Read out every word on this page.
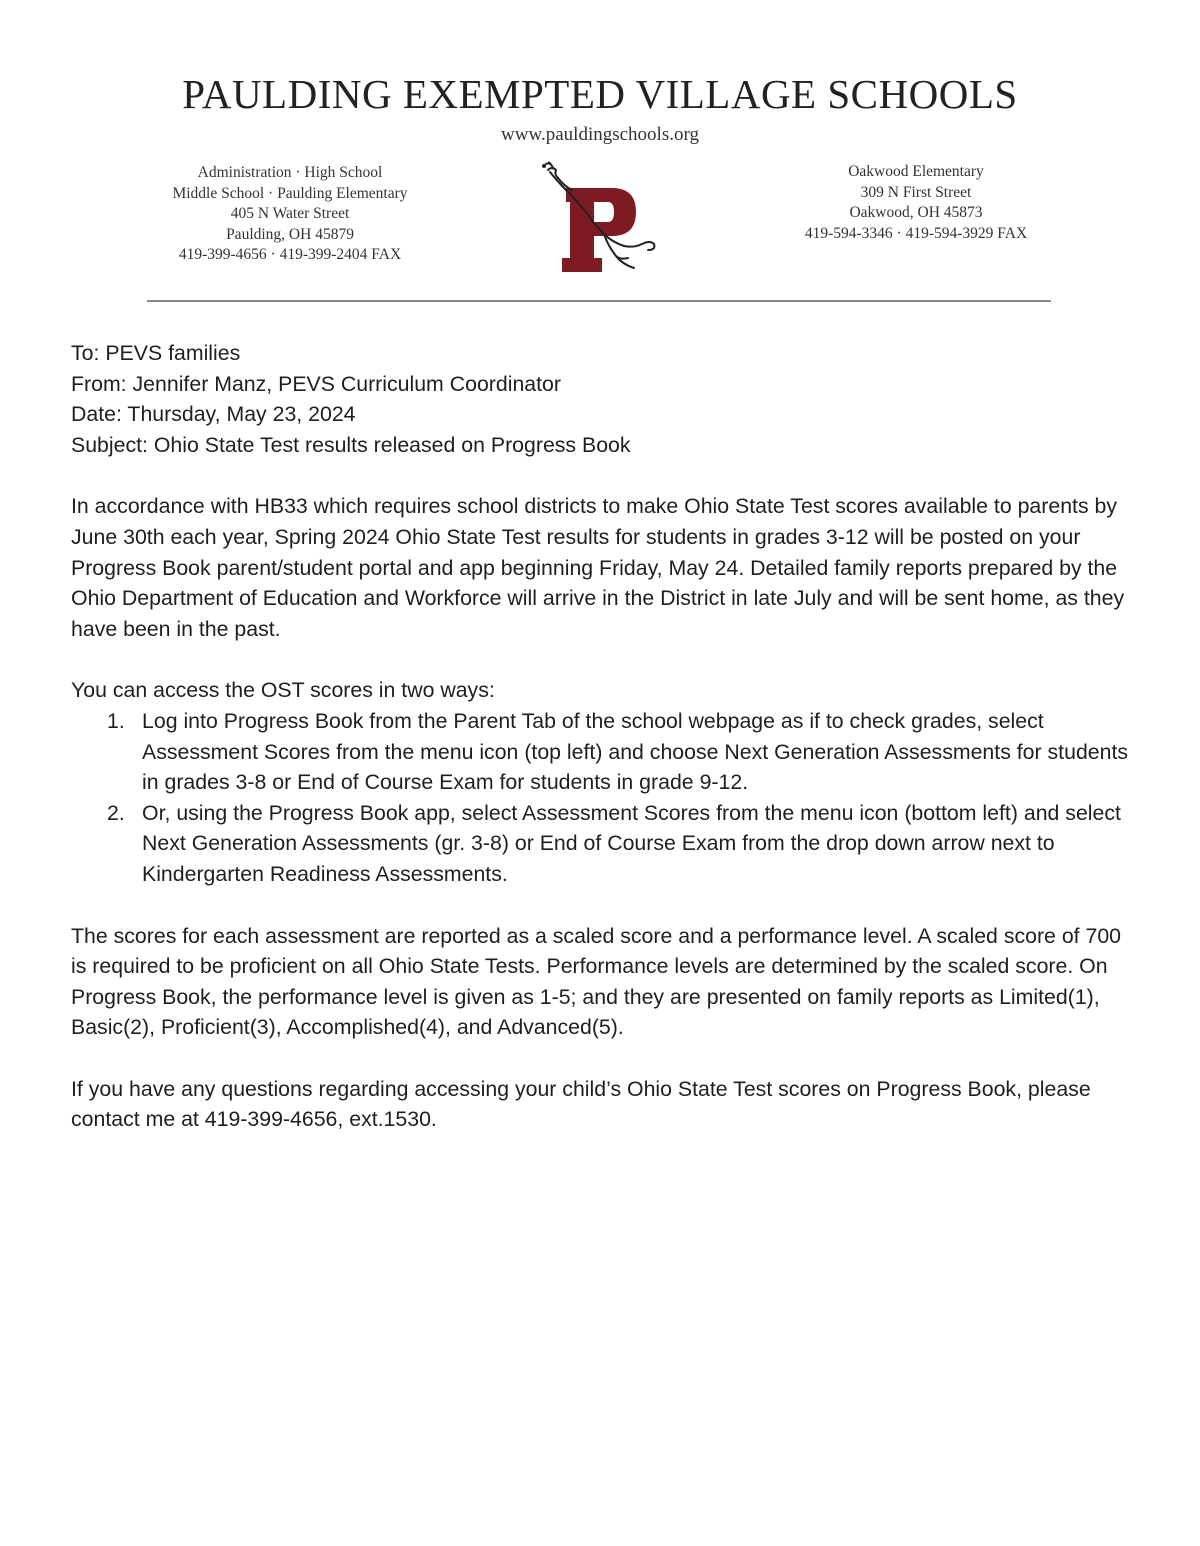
PAULDING EXEMPTED VILLAGE SCHOOLS
www.pauldingschools.org
Administration · High School
Middle School · Paulding Elementary
405 N Water Street
Paulding, OH 45879
419-399-4656 · 419-399-2404 FAX
Oakwood Elementary
309 N First Street
Oakwood, OH 45873
419-594-3346 · 419-594-3929 FAX

To: PEVS families

From: Jennifer Manz, PEVS Curriculum Coordinator

Date: Thursday, May 23, 2024

Subject: Ohio State Test results released on Progress Book

In accordance with HB33 which requires school districts to make Ohio State Test scores available to parents by June 30th each year, Spring 2024 Ohio State Test results for students in grades 3-12 will be posted on your Progress Book parent/student portal and app beginning Friday, May 24. Detailed family reports prepared by the Ohio Department of Education and Workforce will arrive in the District in late July and will be sent home, as they have been in the past.

You can access the OST scores in two ways:

1. Log into Progress Book from the Parent Tab of the school webpage as if to check grades, select Assessment Scores from the menu icon (top left) and choose Next Generation Assessments for students in grades 3-8 or End of Course Exam for students in grade 9-12.
2. Or, using the Progress Book app, select Assessment Scores from the menu icon (bottom left) and select Next Generation Assessments (gr. 3-8) or End of Course Exam from the drop down arrow next to Kindergarten Readiness Assessments.

The scores for each assessment are reported as a scaled score and a performance level. A scaled score of 700 is required to be proficient on all Ohio State Tests. Performance levels are determined by the scaled score. On Progress Book, the performance level is given as 1-5; and they are presented on family reports as Limited(1), Basic(2), Proficient(3), Accomplished(4), and Advanced(5).

If you have any questions regarding accessing your child’s Ohio State Test scores on Progress Book, please contact me at 419-399-4656, ext.1530.
